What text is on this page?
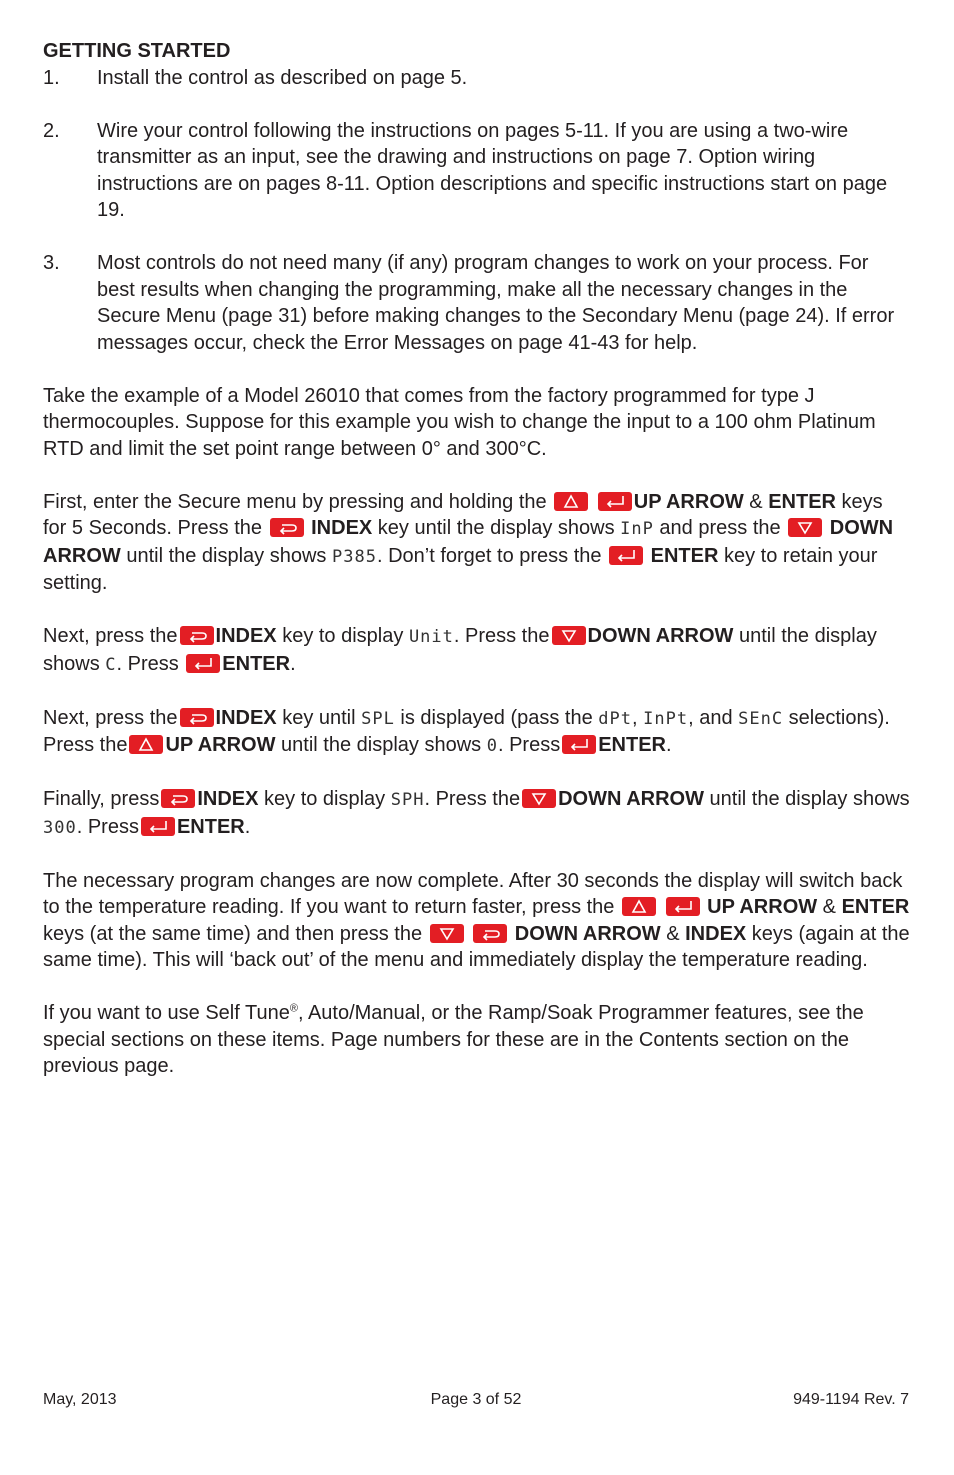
GETTING STARTED

1.	Install the control as described on page 5.
2.	Wire your control following the instructions on pages 5-11. If you are using a two-wire transmitter as an input, see the drawing and instructions on page 7. Option wiring instructions are on pages 8-11. Option descriptions and specific instructions start on page 19.
3.	Most controls do not need many (if any) program changes to work on your process. For best results when changing the programming, make all the necessary changes in the Secure Menu (page 31) before making changes to the Secondary Menu (page 24). If error messages occur, check the Error Messages on page 41-43 for help.

Take the example of a Model 26010 that comes from the factory programmed for type J thermocouples. Suppose for this example you wish to change the input to a 100 ohm Platinum RTD and limit the set point range between 0° and 300°C.

First, enter the Secure menu by pressing and holding the
	UP ARROW & ENTER keys for 5 Seconds. Press the
INDEX key until the display shows InP and press the
DOWN ARROW until the display shows P385. Don’t forget to press the
ENTER key to retain your setting.

Next, press the INDEX key to display Unit. Press the DOWN ARROW until the display shows C. Press
ENTER.

Next, press the INDEX key until SPL is displayed (pass the dPt, InPt, and SEnC selections). Press the UP ARROW until the display shows 0. Press ENTER.

Finally, press INDEX key to display SPH. Press the DOWN ARROW until the display shows 300. Press ENTER.

The necessary program changes are now complete. After 30 seconds the display will switch back to the temperature reading. If you want to return faster, press the
	UP ARROW & ENTER keys (at the same time) and then press the
	DOWN ARROW & INDEX keys (again at the same time). This will ‘back out’ of the menu and immediately display the temperature reading.

If you want to use Self Tune®, Auto/Manual, or the Ramp/Soak Programmer features, see the special sections on these items. Page numbers for these are in the Contents section on the previous page.

May, 2013	Page 3 of 52	949-1194 Rev. 7
